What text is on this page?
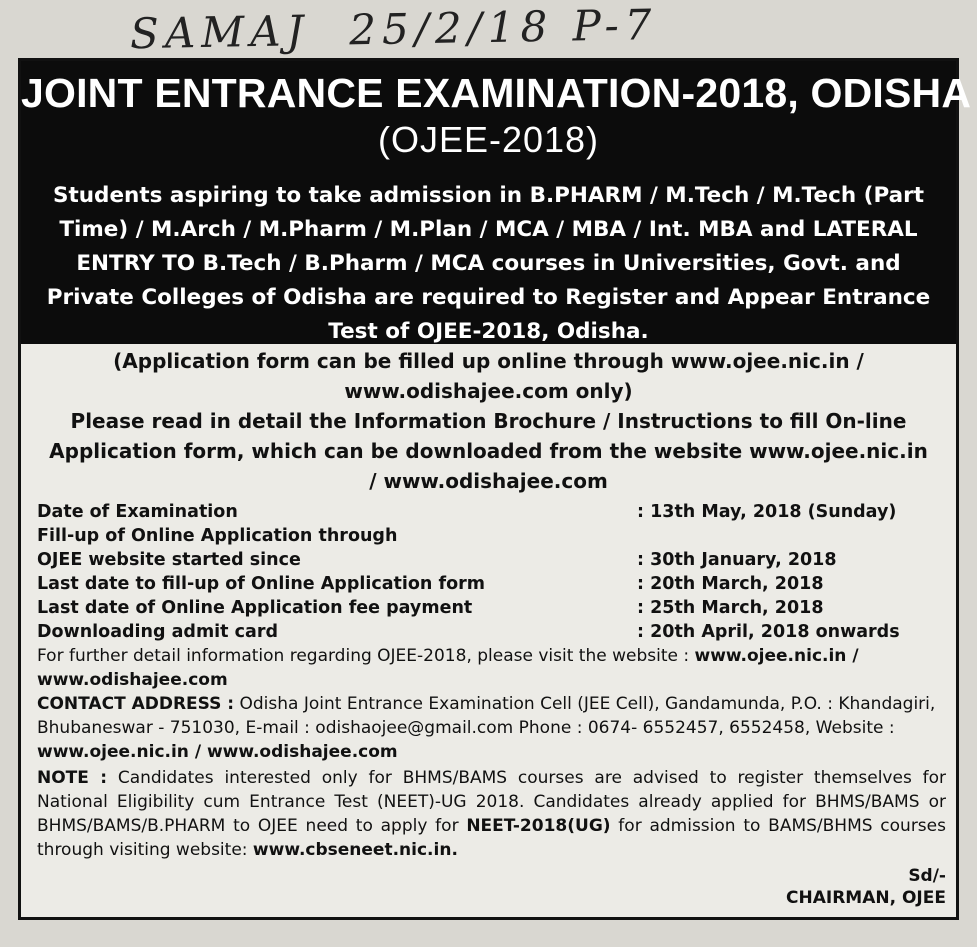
SAMAJ 25/2/18 P-7
JOINT ENTRANCE EXAMINATION-2018, ODISHA
(OJEE-2018)
Students aspiring to take admission in B.PHARM / M.Tech / M.Tech (Part Time) / M.Arch / M.Pharm / M.Plan / MCA / MBA / Int. MBA and LATERAL ENTRY TO B.Tech / B.Pharm / MCA courses in Universities, Govt. and Private Colleges of Odisha are required to Register and Appear Entrance Test of OJEE-2018, Odisha.
(Application form can be filled up online through www.ojee.nic.in /
www.odishajee.com only)
Please read in detail the Information Brochure / Instructions to fill On-line
Application form, which can be downloaded from the website www.ojee.nic.in
/ www.odishajee.com
Date of Examination	: 13th May, 2018 (Sunday)
Fill-up of Online Application through
OJEE website started since	: 30th January, 2018
Last date to fill-up of Online Application form	: 20th March, 2018
Last date of Online Application fee payment	: 25th March, 2018
Downloading admit card	: 20th April, 2018 onwards
For further detail information regarding OJEE-2018, please visit the website : www.ojee.nic.in / www.odishajee.com
CONTACT ADDRESS : Odisha Joint Entrance Examination Cell (JEE Cell), Gandamunda, P.O. : Khandagiri, Bhubaneswar - 751030, E-mail : odishaojee@gmail.com Phone : 0674- 6552457, 6552458, Website : www.ojee.nic.in / www.odishajee.com
NOTE : Candidates interested only for BHMS/BAMS courses are advised to register themselves for National Eligibility cum Entrance Test (NEET)-UG 2018. Candidates already applied for BHMS/BAMS or BHMS/BAMS/B.PHARM to OJEE need to apply for NEET-2018(UG) for admission to BAMS/BHMS courses through visiting website: www.cbseneet.nic.in.
Sd/-
CHAIRMAN, OJEE
